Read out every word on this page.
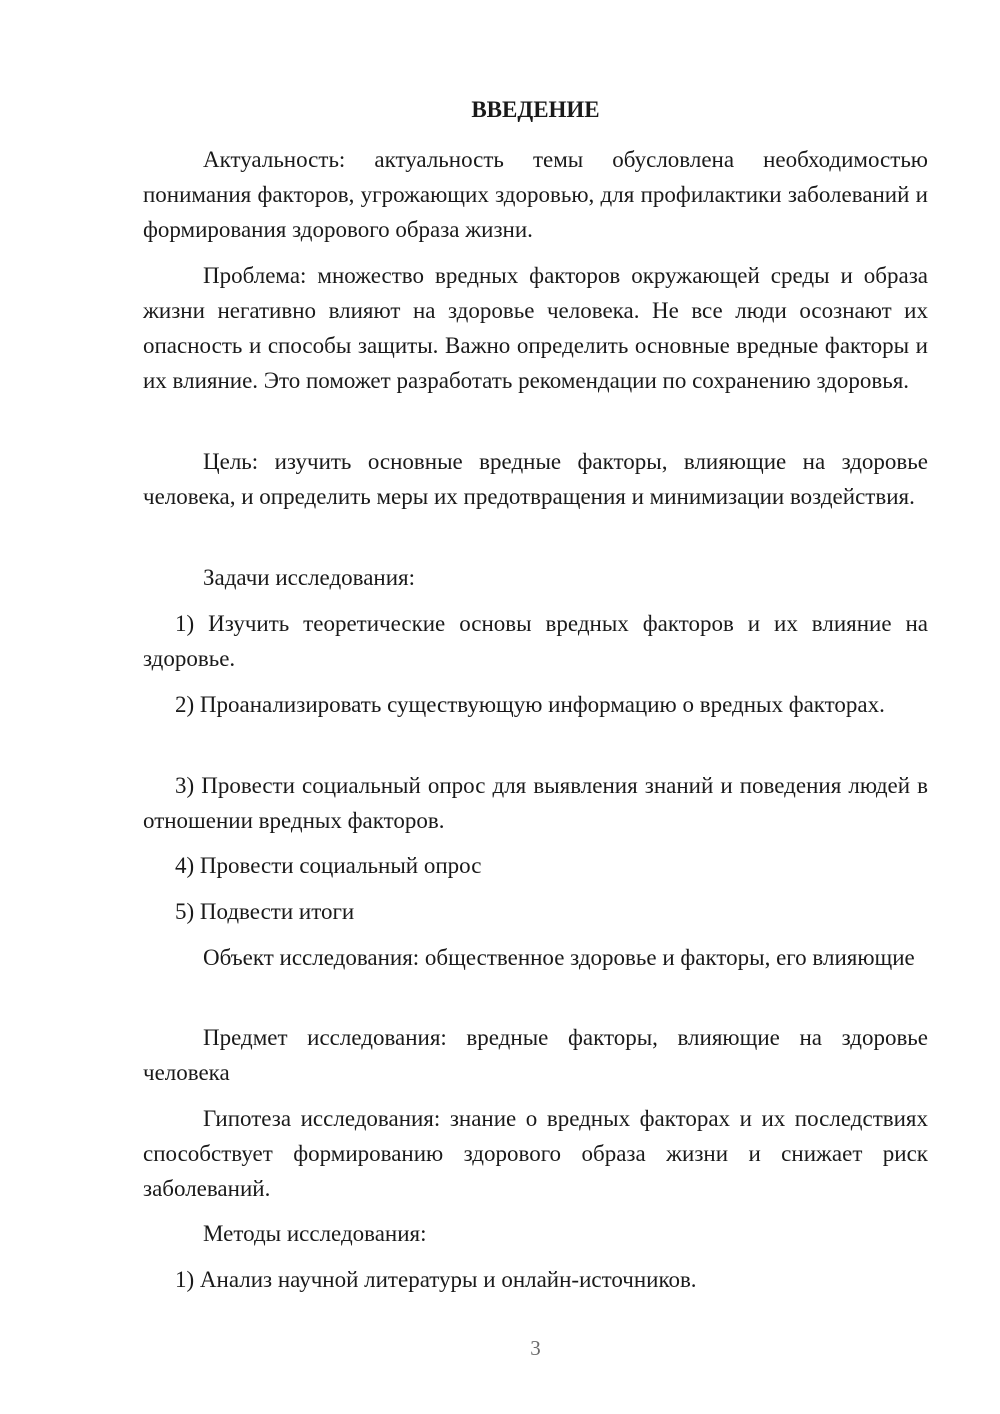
ВВЕДЕНИЕ

Актуальность: актуальность темы обусловлена необходимостью понимания факторов, угрожающих здоровью, для профилактики заболеваний и формирования здорового образа жизни.

Проблема: множество вредных факторов окружающей среды и образа жизни негативно влияют на здоровье человека. Не все люди осознают их опасность и способы защиты. Важно определить основные вредные факторы и их влияние. Это поможет разработать рекомендации по сохранению здоровья.

Цель: изучить основные вредные факторы, влияющие на здоровье человека, и определить меры их предотвращения и минимизации воздействия.

Задачи исследования:

1) Изучить теоретические основы вредных факторов и их влияние на здоровье.

2) Проанализировать существующую информацию о вредных факторах.

3) Провести социальный опрос для выявления знаний и поведения людей в отношении вредных факторов.

4) Провести социальный опрос

5) Подвести итоги

Объект исследования: общественное здоровье и факторы, его влияющие

Предмет исследования: вредные факторы, влияющие на здоровье человека

Гипотеза исследования: знание о вредных факторах и их последствиях способствует формированию здорового образа жизни и снижает риск заболеваний.

Методы исследования:

1) Анализ научной литературы и онлайн-источников.

3
